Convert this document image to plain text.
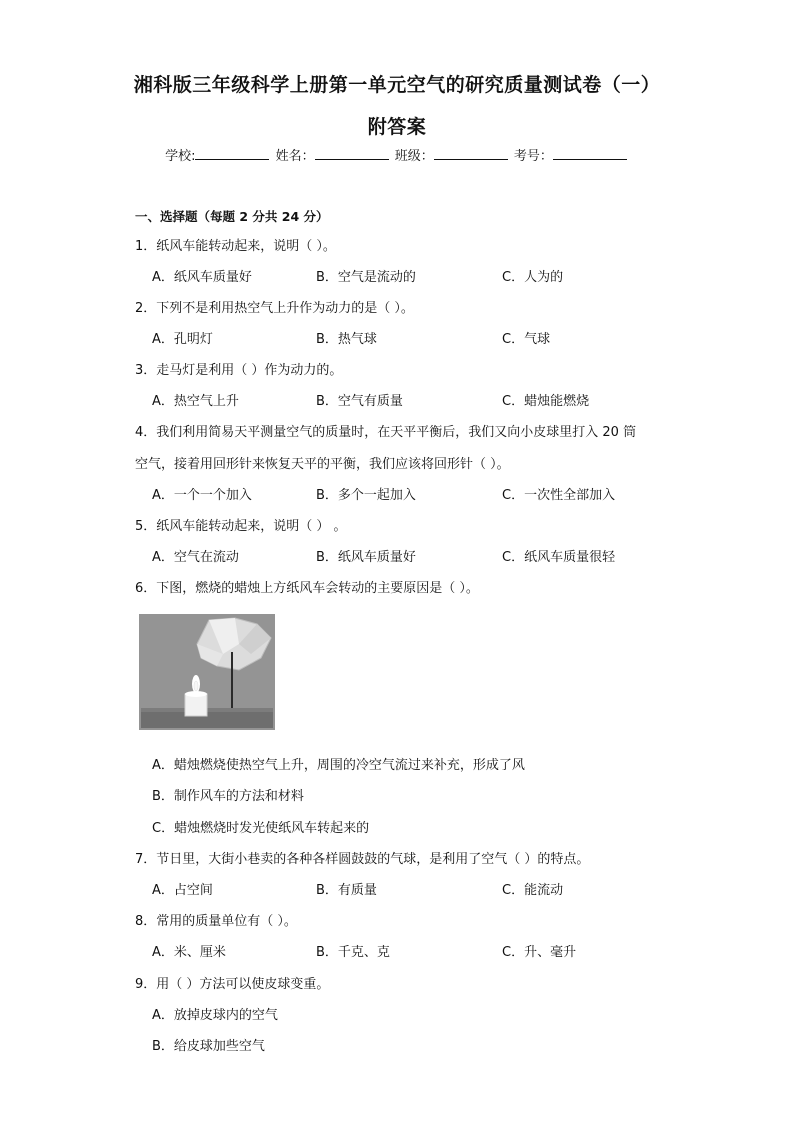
湘科版三年级科学上册第一单元空气的研究质量测试卷（一）
附答案
学校:	姓名：	班级：	考号：
一、选择题（每题 2 分共 24 分）
1．纸风车能转动起来，说明（ ）。
A．纸风车质量好	B．空气是流动的	C．人为的
2．下列不是利用热空气上升作为动力的是（ ）。
A．孔明灯	B．热气球	C．气球
3．走马灯是利用（ ）作为动力的。
A．热空气上升	B．空气有质量	C．蜡烛能燃烧
4．我们利用简易天平测量空气的质量时，在天平平衡后，我们又向小皮球里打入 20 筒
空气，接着用回形针来恢复天平的平衡，我们应该将回形针（ ）。
A．一个一个加入	B．多个一起加入	C．一次性全部加入
5．纸风车能转动起来，说明（ ） 。
A．空气在流动	B．纸风车质量好	C．纸风车质量很轻
6．下图，燃烧的蜡烛上方纸风车会转动的主要原因是（ ）。
A．蜡烛燃烧使热空气上升，周围的冷空气流过来补充，形成了风
B．制作风车的方法和材料
C．蜡烛燃烧时发光使纸风车转起来的
7．节日里，大街小巷卖的各种各样圆鼓鼓的气球，是利用了空气（ ）的特点。
A．占空间	B．有质量	C．能流动
8．常用的质量单位有（ ）。
A．米、厘米	B．千克、克	C．升、毫升
9．用（ ）方法可以使皮球变重。
A．放掉皮球内的空气
B．给皮球加些空气
